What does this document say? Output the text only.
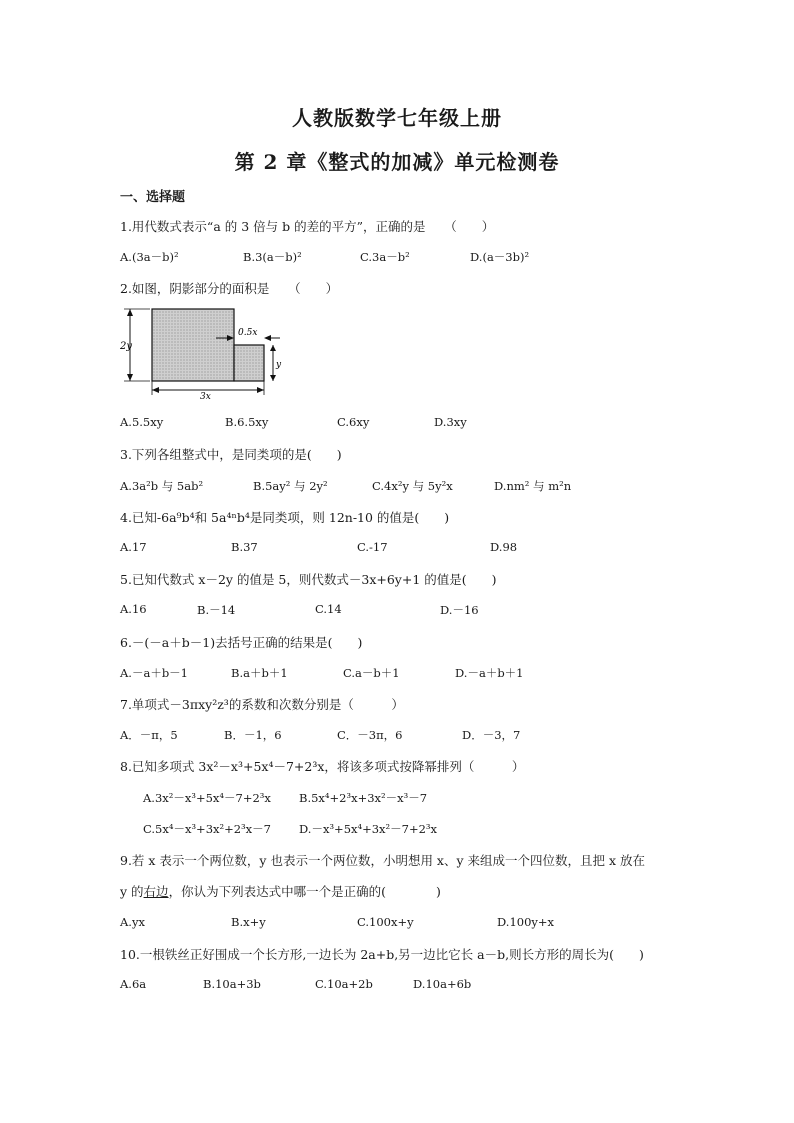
人教版数学七年级上册
第 2 章《整式的加减》单元检测卷
一、选择题
1.用代数式表示“a 的 3 倍与 b 的差的平方”，正确的是　　（　　）
A.(3a－b)²	B.3(a－b)²	C.3a－b²	D.(a－3b)²
2.如图，阴影部分的面积是　　（　　）
2y
0.5x
y
3x
A.5.5xy	B.6.5xy	C.6xy	D.3xy
3.下列各组整式中，是同类项的是(　　)
A.3a²b 与 5ab²	B.5ay² 与 2y²	C.4x²y 与 5y²x	D.nm² 与 m²n
4.已知-6a⁹b⁴和 5a⁴ⁿb⁴是同类项，则 12n-10 的值是(　　)
A.17	B.37	C.-17	D.98
5.已知代数式 x－2y 的值是 5，则代数式－3x+6y+1 的值是(　　)
A.16	B.－14	C.14	D.－16
6.－(－a＋b－1)去括号正确的结果是(　　)
A.－a＋b－1	B.a＋b＋1	C.a－b＋1	D.－a＋b＋1
7.单项式－3πxy²z³的系数和次数分别是（　　　）
A．－π，5	B．－1，6	C．－3π，6	D．－3，7
8.已知多项式 3x²－x³+5x⁴－7+2³x，将该多项式按降幂排列（　　　）
A.3x²－x³+5x⁴－7+2³x B.5x⁴+2³x+3x²－x³－7
C.5x⁴－x³+3x²+2³x－7 D.－x³+5x⁴+3x²－7+2³x
9.若 x 表示一个两位数，y 也表示一个两位数，小明想用 x、y 来组成一个四位数，且把 x 放在
y 的右边，你认为下列表达式中哪一个是正确的(　　　　)
A.yx	B.x+y	C.100x+y	D.100y+x
10.一根铁丝正好围成一个长方形,一边长为 2a+b,另一边比它长 a－b,则长方形的周长为(　　)
A.6a	B.10a+3b	C.10a+2b	D.10a+6b
